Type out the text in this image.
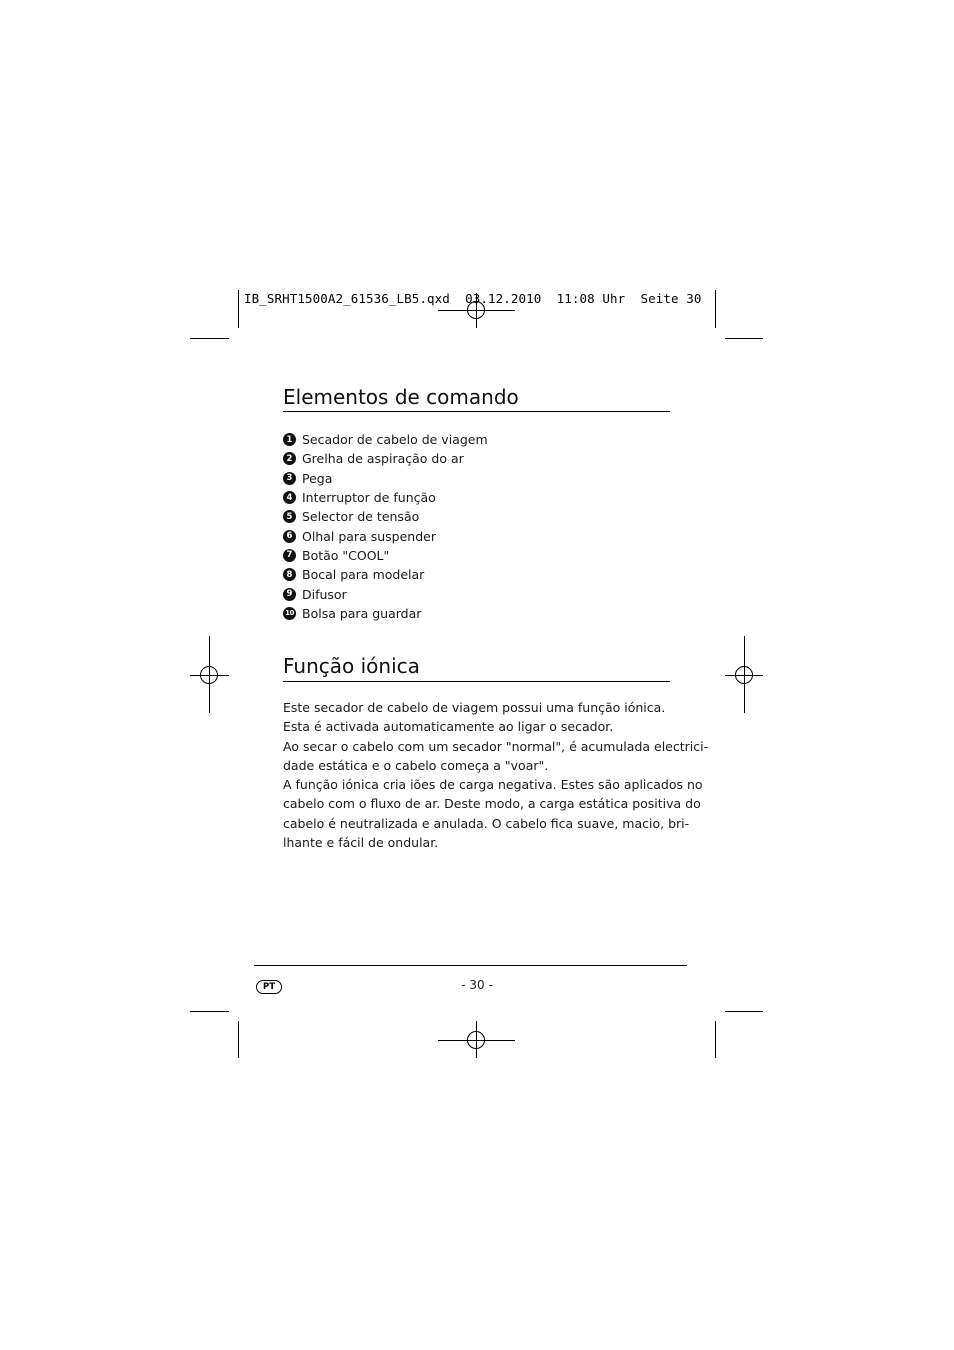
IB_SRHT1500A2_61536_LB5.qxd  03.12.2010  11:08 Uhr  Seite 30
Elementos de comando
1 Secador de cabelo de viagem
2 Grelha de aspiração do ar
3 Pega
4 Interruptor de função
5 Selector de tensão
6 Olhal para suspender
7 Botão "COOL"
8 Bocal para modelar
9 Difusor
10 Bolsa para guardar
Função iónica
Este secador de cabelo de viagem possui uma função iónica.
Esta é activada automaticamente ao ligar o secador.
Ao secar o cabelo com um secador "normal", é acumulada electrici-
dade estática e o cabelo começa a "voar".
A função iónica cria iões de carga negativa. Estes são aplicados no
cabelo com o fluxo de ar. Deste modo, a carga estática positiva do
cabelo é neutralizada e anulada. O cabelo fica suave, macio, bri-
lhante e fácil de ondular.
PT	- 30 -
